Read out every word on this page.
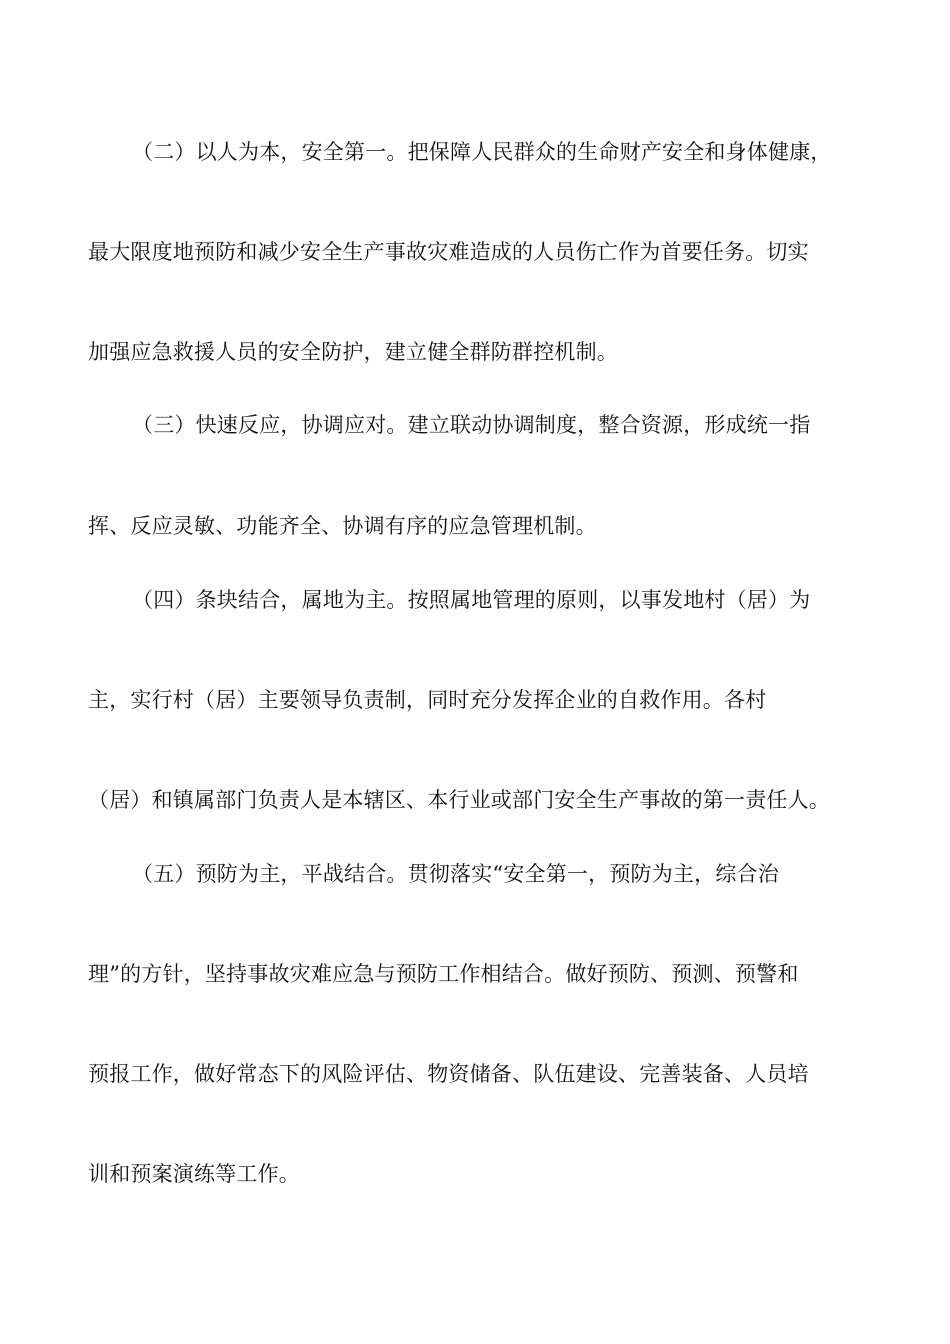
（二）以人为本，安全第一。把保障人民群众的生命财产安全和身体健康，
最大限度地预防和减少安全生产事故灾难造成的人员伤亡作为首要任务。切实
加强应急救援人员的安全防护，建立健全群防群控机制。
（三）快速反应，协调应对。建立联动协调制度，整合资源，形成统一指
挥、反应灵敏、功能齐全、协调有序的应急管理机制。
（四）条块结合，属地为主。按照属地管理的原则，以事发地村（居）为
主，实行村（居）主要领导负责制，同时充分发挥企业的自救作用。各村
（居）和镇属部门负责人是本辖区、本行业或部门安全生产事故的第一责任人。
（五）预防为主，平战结合。贯彻落实“安全第一，预防为主，综合治
理”的方针，坚持事故灾难应急与预防工作相结合。做好预防、预测、预警和
预报工作，做好常态下的风险评估、物资储备、队伍建设、完善装备、人员培
训和预案演练等工作。
